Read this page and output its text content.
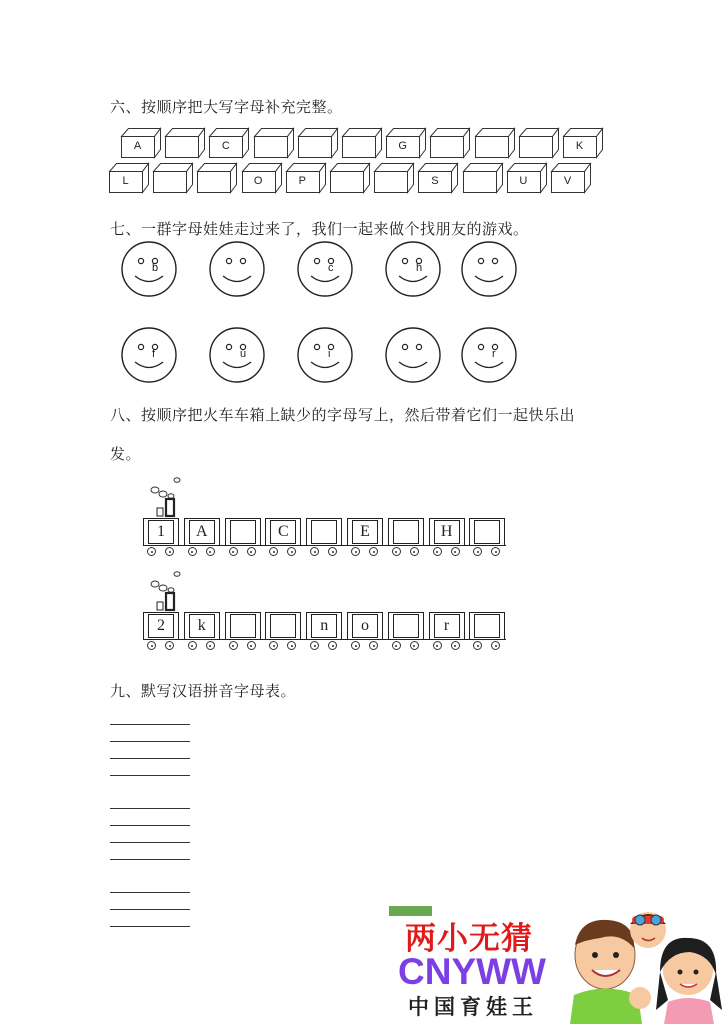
六、按顺序把大写字母补充完整。
A	C	G	K
L	O	P	S	U	V
七、一群字母娃娃走过来了，我们一起来做个找朋友的游戏。
b	c	h
f	u	i	r
八、按顺序把火车车箱上缺少的字母写上，然后带着它们一起快乐出
发。
1	A	C	E	H
2	k	n	o	r
九、默写汉语拼音字母表。
两小无猜
CNYWW
中国育娃王
